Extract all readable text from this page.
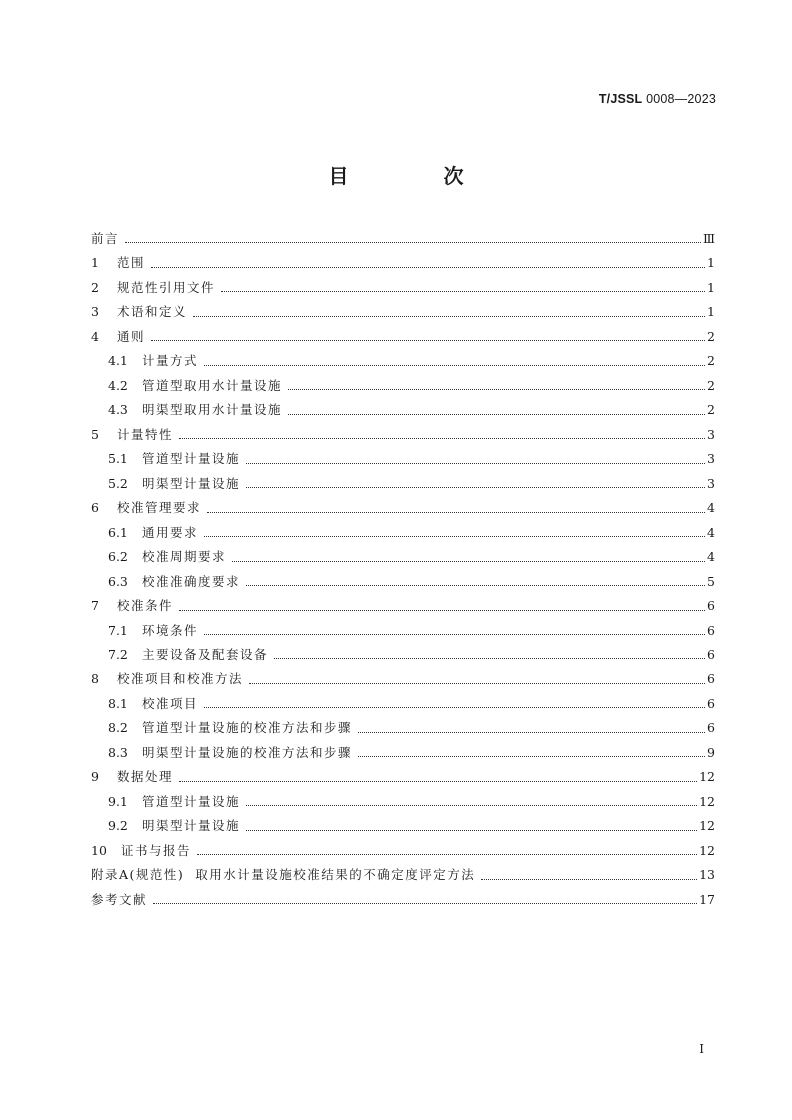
T/JSSL 0008—2023
目 次
前言	Ⅲ
1	范围	1
2	规范性引用文件	1
3	术语和定义	1
4	通则	2
4.1	计量方式	2
4.2	管道型取用水计量设施	2
4.3	明渠型取用水计量设施	2
5	计量特性	3
5.1	管道型计量设施	3
5.2	明渠型计量设施	3
6	校准管理要求	4
6.1	通用要求	4
6.2	校准周期要求	4
6.3	校准准确度要求	5
7	校准条件	6
7.1	环境条件	6
7.2	主要设备及配套设备	6
8	校准项目和校准方法	6
8.1	校准项目	6
8.2	管道型计量设施的校准方法和步骤	6
8.3	明渠型计量设施的校准方法和步骤	9
9	数据处理	12
9.1	管道型计量设施	12
9.2	明渠型计量设施	12
10	证书与报告	12
附录A(规范性)  取用水计量设施校准结果的不确定度评定方法	13
参考文献	17
I
